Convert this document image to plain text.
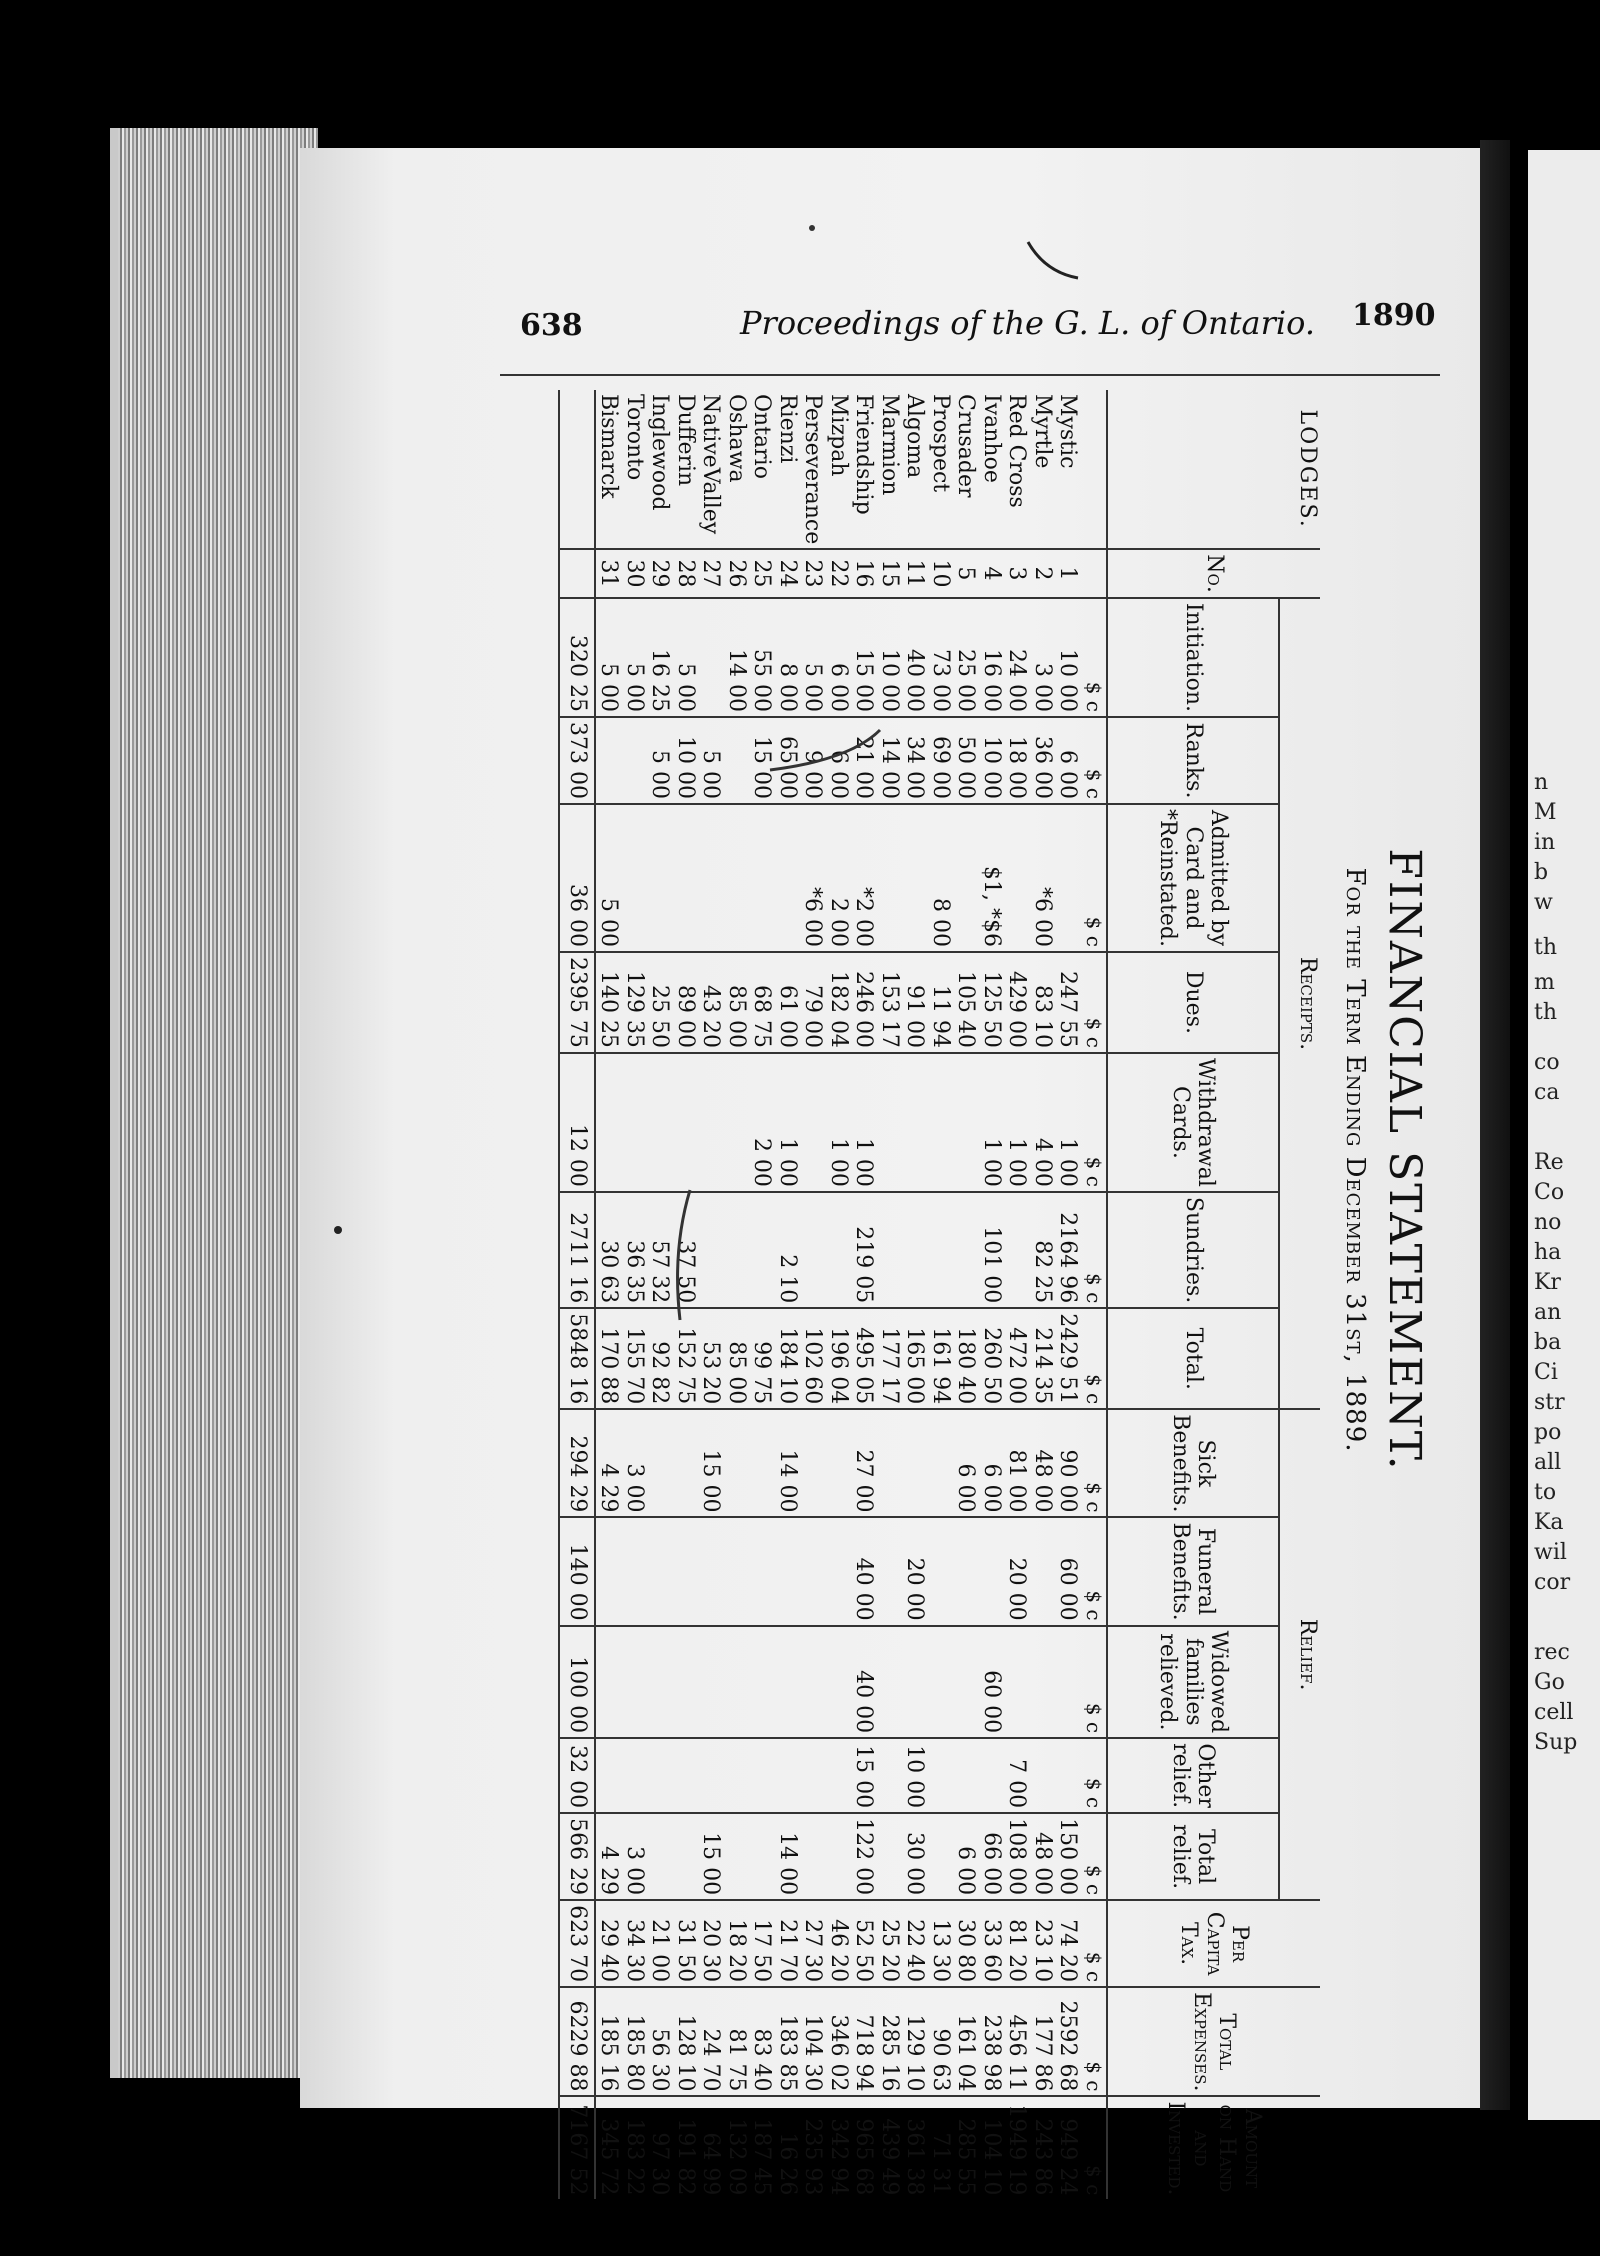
n
M
in
b
w
th
m
th
co
ca
Re
Co
no
ha
Kr
an
ba
Ci
str
po
all
to
Ka
wil
cor
rec
Go
cell
Sup
638	Proceedings of the G. L. of Ontario. 1890
FINANCIAL STATEMENT.
For the Term Ending December 31st, 1889.
LODGES.	No.	Receipts.							Relief.					Per Capita Tax.	Total Expenses.	Amount on Hand and Invested.
		Initiation.	Ranks.	Admitted by Card and *Reinstated.	Dues.	Withdrawal Cards.	Sundries.	Total.	Sick Benefits.	Funeral Benefits.	Widowed families relieved.	Other relief.	Total relief.			
		$ c	$ c	$ c	$ c	$ c	$ c	$ c	$ c	$ c	$ c	$ c	$ c	$ c	$ c	$ c
Mystic	1	10 00	6 00		247 55	1 00	2164 96	2429 51	90 00	60 00			150 00	74 20	2592 68	949 24
Myrtle	2	3 00	36 00	*6 00	83 10	4 00	82 25	214 35	48 00				48 00	23 10	177 86	243 86
Red Cross	3	24 00	18 00		429 00	1 00		472 00	81 00	20 00		7 00	108 00	81 20	456 11	1949 19
Ivanhoe	4	16 00	10 00	$1, *$6	125 50	1 00	101 00	260 50	6 00		60 00		66 00	33 60	238 98	104 10
Crusader	5	25 00	50 00		105 40			180 40	6 00				6 00	30 80	161 04	285 55
Prospect	10	73 00	69 00	8 00	11 94			161 94						13 30	90 63	71 31
Algoma	11	40 00	34 00		91 00			165 00		20 00		10 00	30 00	22 40	129 10	361 38
Marmion	15	10 00	14 00		153 17			177 17						25 20	285 16	439 49
Friendship	16	15 00	21 00	*2 00	246 00	1 00	219 05	495 05	27 00	40 00	40 00	15 00	122 00	52 50	718 94	965 68
Mizpah	22	6 00	6 00	2 00	182 04	1 00		196 04						46 20	346 02	342 94
Perseverance	23	5 00	9 00	*6 00	79 00			102 60						27 30	104 30	235 93
Rienzi	24	8 00	65 00		61 00	1 00	2 10	184 10	14 00				14 00	21 70	183 85	16 26
Ontario	25	55 00	15 00		68 75	2 00		99 75						17 50	83 40	187 45
Oshawa	26	14 00			85 00			85 00						18 20	81 75	132 09
NativeValley	27		5 00		43 20			53 20	15 00				15 00	20 30	24 70	64 99
Dufferin	28	5 00	10 00		89 00		37 50	152 75						31 50	128 10	191 82
Inglewood	29	16 25	5 00		25 50		57 32	92 82						21 00	56 30	97 30
Toronto	30	5 00			129 35		36 35	155 70	3 00				3 00	34 30	185 80	183 22
Bismarck	31	5 00		5 00	140 25		30 63	170 88	4 29				4 29	29 40	185 16	345 72
		320 25	373 00	36 00	2395 75	12 00	2711 16	5848 16	294 29	140 00	100 00	32 00	566 29	623 70	6229 88	7167 52
